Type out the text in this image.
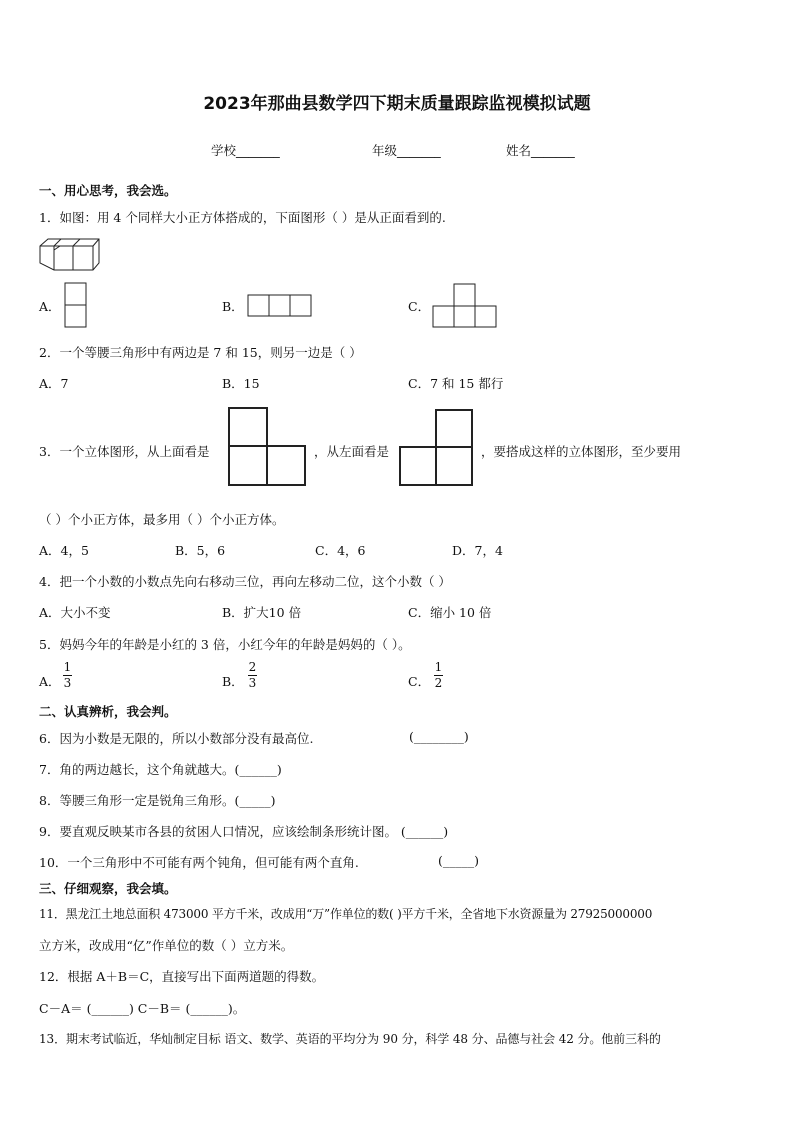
2023年那曲县数学四下期末质量跟踪监视模拟试题
学校_______	年级_______	姓名_______
一、用心思考，我会选。
1．如图：用 4 个同样大小正方体搭成的，下面图形（ ）是从正面看到的.
A．	B．	C．
2．一个等腰三角形中有两边是 7 和 15，则另一边是（ ）
A．7	B．15	C．7 和 15 都行
3．一个立体图形，从上面看是	，从左面看是	，要搭成这样的立体图形，至少要用
（ ）个小正方体，最多用（ ）个小正方体。
A．4，5	B．5，6	C．4，6	D．7，4
4．把一个小数的小数点先向右移动三位，再向左移动二位，这个小数（ ）
A．大小不变	B．扩大10 倍	C．缩小 10 倍
5．妈妈今年的年龄是小红的 3 倍，小红今年的年龄是妈妈的（ ）。
A．
1
3	B．
2
3	C．
1
2
二、认真辨析，我会判。
6．因为小数是无限的，所以小数部分没有最高位.	(________)
7．角的两边越长，这个角就越大。(______)
8．等腰三角形一定是锐角三角形。(_____)
9．要直观反映某市各县的贫困人口情况，应该绘制条形统计图。 (______)
10．一个三角形中不可能有两个钝角，但可能有两个直角.	(_____)
三、仔细观察，我会填。
11．黑龙江土地总面积 473000 平方千米，改成用“万”作单位的数( )平方千米，全省地下水资源量为 27925000000
立方米，改成用“亿”作单位的数（ ）立方米。
12．根据 A＋B＝C，直接写出下面两道题的得数。
C－A＝ (______) C－B＝ (______)。
13．期末考试临近，华灿制定目标 语文、数学、英语的平均分为 90 分，科学 48 分、品德与社会 42 分。他前三科的
